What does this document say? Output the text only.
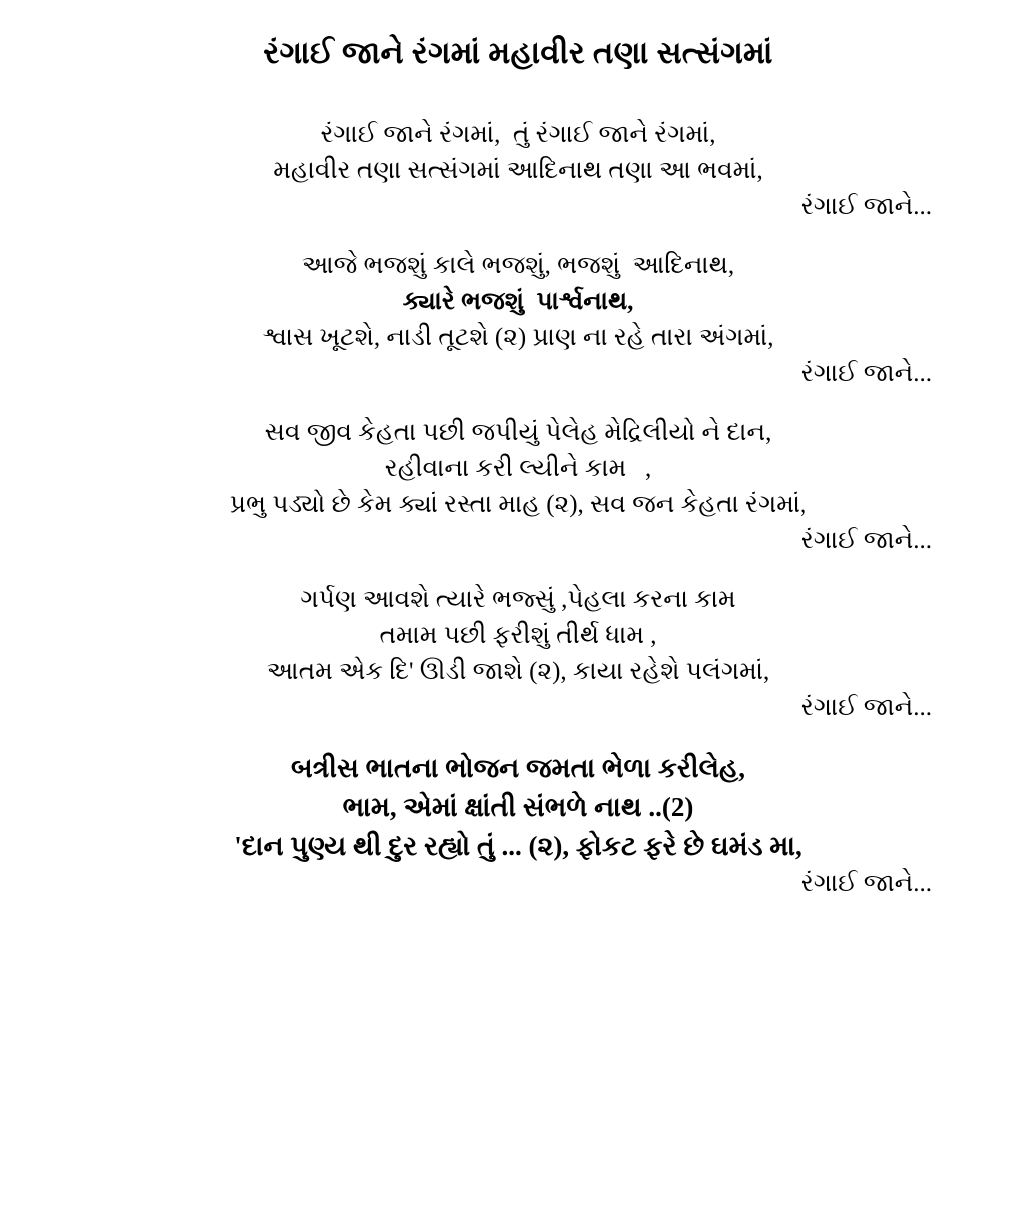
રંગાઈ જાને રંગમાં મહાવીર તણા સત્સંગમાં
રંગાઈ જાને રંગમાં,  તું રંગાઈ જાને રંગમાં,
મહાવીર તણા સત્સંગમાં આદિનાથ તણા આ ભવમાં,
રંગાઈ જાને...
આજે ભજશું કાલે ભજશું, ભજશું  આદિનાથ,
ક્યારે ભજશું  પાર્શ્વનાથ,
શ્વાસ ખૂટશે, નાડી તૂટશે (૨) પ્રાણ ના રહે તારા અંગમાં,
રંગાઈ જાને...
સવ જીવ કેહતા પછી જપીયું પેલેહ મેદ્રિલીયો ને દાન,
રહીવાના કરી લ્યીને કામ   ,
પ્રભુ પડ્યો છે કેમ ક્યાં રસ્તા માહ (૨), સવ જન કેહતા રંગમાં,
રંગાઈ જાને...
ગર્પણ આવશે ત્યારે ભજ્સું ,પેહલા કરના કામ
તમામ પછી ફરીશું તીર્થ ધામ ,
આતમ એક દિ' ઊડી જાશે (૨), કાયા રહેશે પલંગમાં,
રંગાઈ જાને...
બત્રીસ ભાતના ભોજન જમતા ભેળા કરીલેહ,
ભામ, એમાં ક્ષાંતી સંભળે નાથ ..(2)
'દાન પુણ્ય થી દુર રહ્યો તું ... (૨), ફોકટ ફરે છે ઘમંડ મા,
રંગાઈ જાને...
